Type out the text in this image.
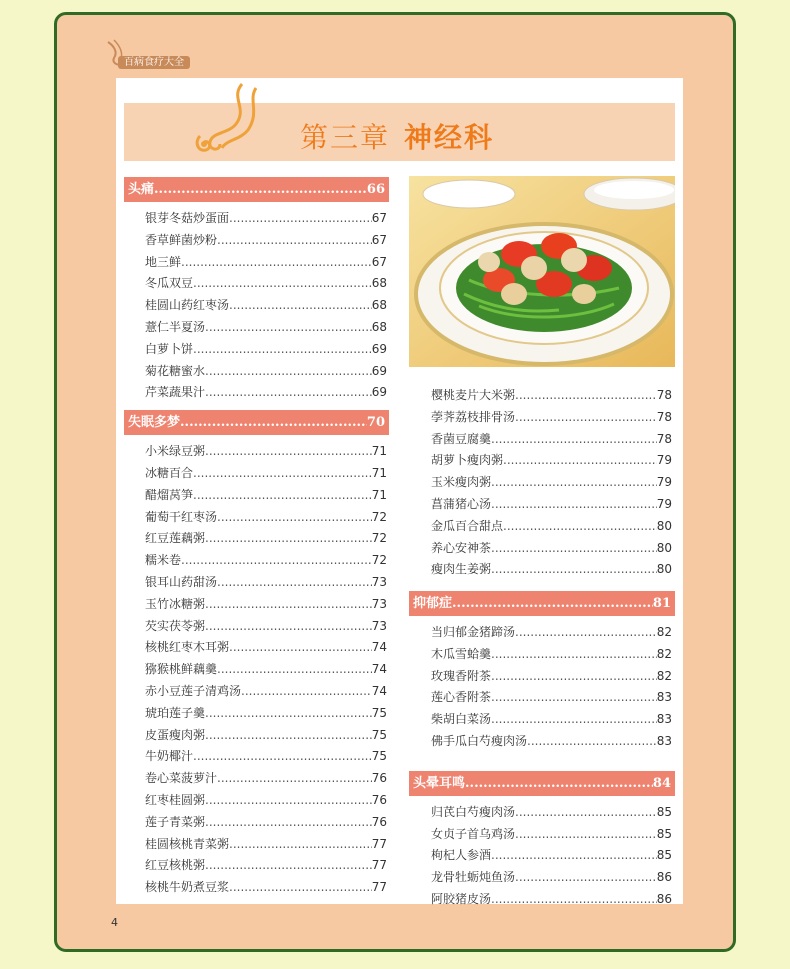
百病食疗大全
第三章 神经科
4
头痛 .....	66
银芽冬菇炒蛋面 .....	67
香草鲜菌炒粉 .....	67
地三鲜 .....	67
冬瓜双豆 .....	68
桂圆山药红枣汤 .....	68
薏仁半夏汤 .....	68
白萝卜饼 .....	69
菊花糖蜜水 .....	69
芹菜蔬果汁 .....	69
失眠多梦 .....	70
小米绿豆粥 .....	71
冰糖百合 .....	71
醋熘莴笋 .....	71
葡萄干红枣汤 .....	72
红豆莲藕粥 .....	72
糯米卷 .....	72
银耳山药甜汤 .....	73
玉竹冰糖粥 .....	73
芡实茯苓粥 .....	73
核桃红枣木耳粥 .....	74
猕猴桃鲜藕羹 .....	74
赤小豆莲子清鸡汤 .....	74
琥珀莲子羹 .....	75
皮蛋瘦肉粥 .....	75
牛奶椰汁 .....	75
卷心菜菠萝汁 .....	76
红枣桂圆粥 .....	76
莲子青菜粥 .....	76
桂圆核桃青菜粥 .....	77
红豆核桃粥 .....	77
核桃牛奶煮豆浆 .....	77
樱桃麦片大米粥 .....	78
荸荠荔枝排骨汤 .....	78
香菌豆腐羹 .....	78
胡萝卜瘦肉粥 .....	79
玉米瘦肉粥 .....	79
菖蒲猪心汤 .....	79
金瓜百合甜点 .....	80
养心安神茶 .....	80
瘦肉生姜粥 .....	80
抑郁症 .....	81
当归郁金猪蹄汤 .....	82
木瓜雪蛤羹 .....	82
玫瑰香附茶 .....	82
莲心香附茶 .....	83
柴胡白菜汤 .....	83
佛手瓜白芍瘦肉汤 .....	83
头晕耳鸣 .....	84
归芪白芍瘦肉汤 .....	85
女贞子首乌鸡汤 .....	85
枸杞人参酒 .....	85
龙骨牡蛎炖鱼汤 .....	86
阿胶猪皮汤 .....	86
